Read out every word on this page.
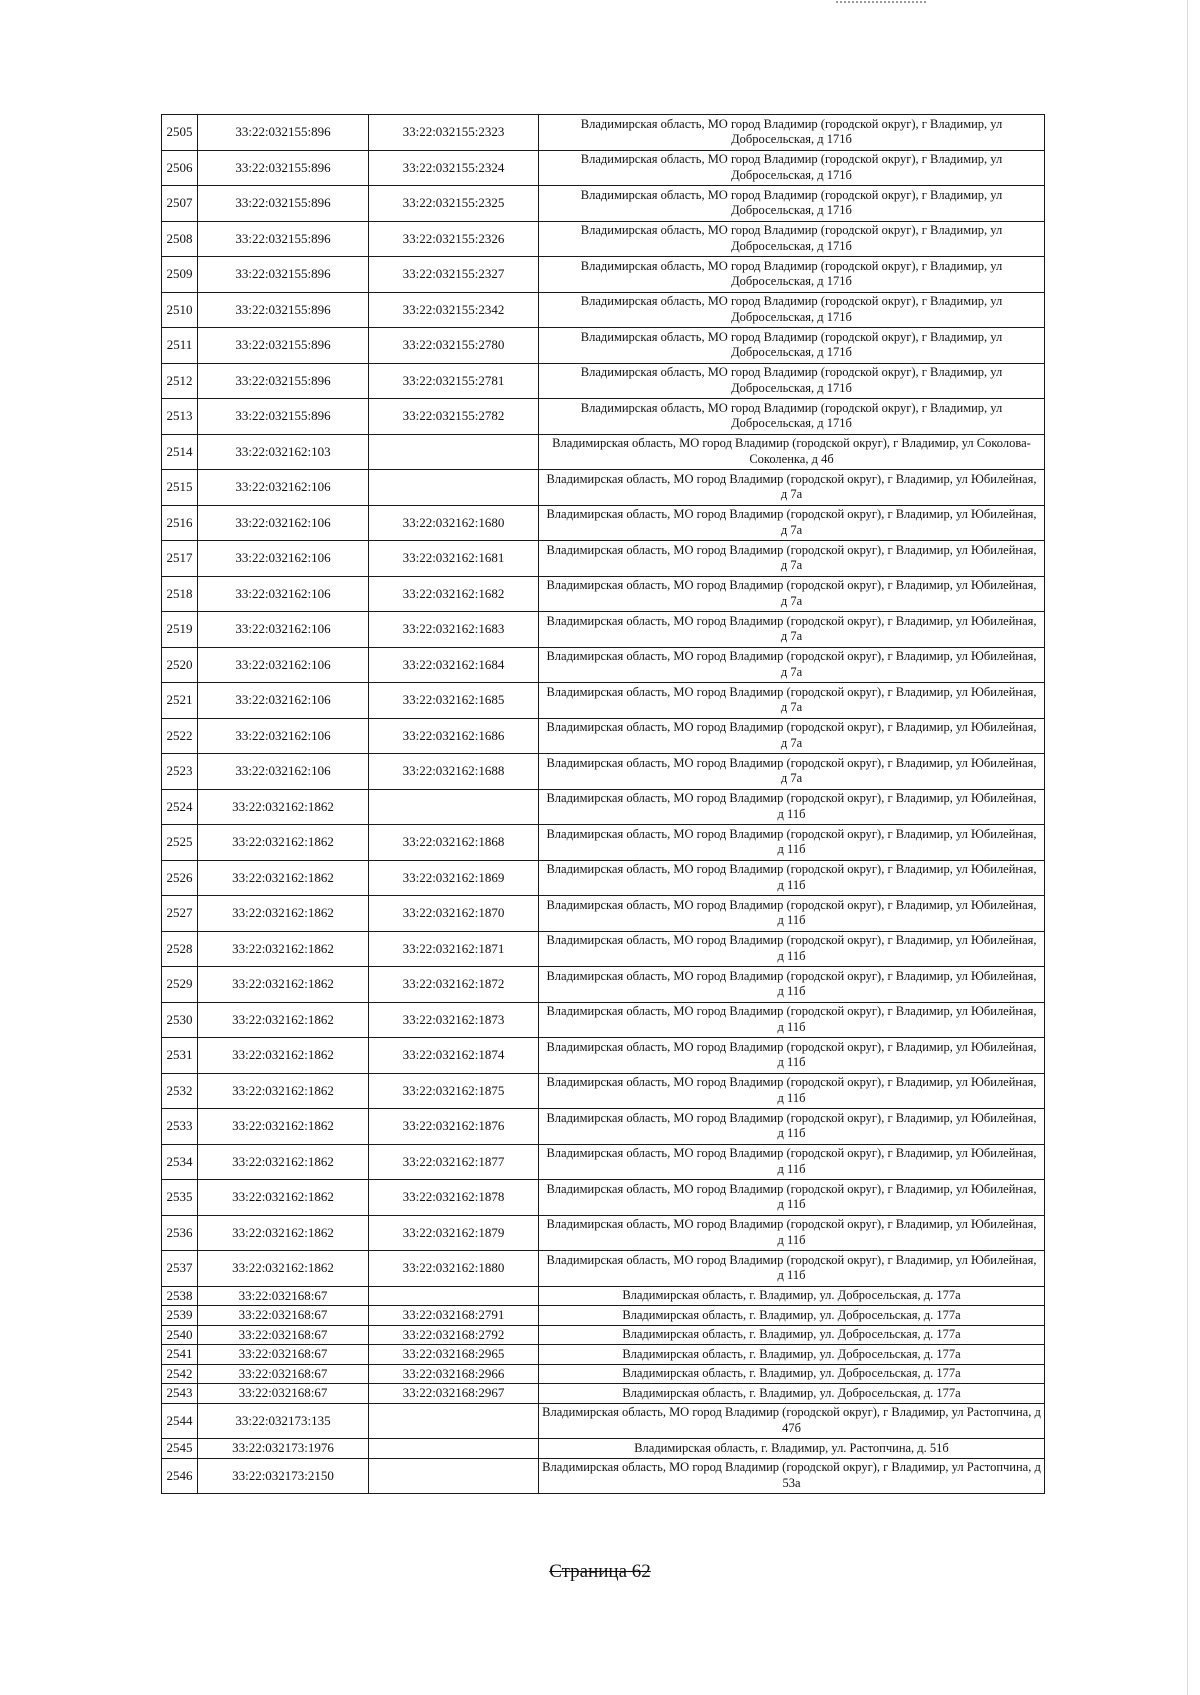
2505	33:22:032155:896	33:22:032155:2323	Владимирская область, МО город Владимир (городской округ), г Владимир, ул Добросельская, д 171б
2506	33:22:032155:896	33:22:032155:2324	Владимирская область, МО город Владимир (городской округ), г Владимир, ул Добросельская, д 171б
2507	33:22:032155:896	33:22:032155:2325	Владимирская область, МО город Владимир (городской округ), г Владимир, ул Добросельская, д 171б
2508	33:22:032155:896	33:22:032155:2326	Владимирская область, МО город Владимир (городской округ), г Владимир, ул Добросельская, д 171б
2509	33:22:032155:896	33:22:032155:2327	Владимирская область, МО город Владимир (городской округ), г Владимир, ул Добросельская, д 171б
2510	33:22:032155:896	33:22:032155:2342	Владимирская область, МО город Владимир (городской округ), г Владимир, ул Добросельская, д 171б
2511	33:22:032155:896	33:22:032155:2780	Владимирская область, МО город Владимир (городской округ), г Владимир, ул Добросельская, д 171б
2512	33:22:032155:896	33:22:032155:2781	Владимирская область, МО город Владимир (городской округ), г Владимир, ул Добросельская, д 171б
2513	33:22:032155:896	33:22:032155:2782	Владимирская область, МО город Владимир (городской округ), г Владимир, ул Добросельская, д 171б
2514	33:22:032162:103		Владимирская область, МО город Владимир (городской округ), г Владимир, ул Соколова-Соколенка, д 4б
2515	33:22:032162:106		Владимирская область, МО город Владимир (городской округ), г Владимир, ул Юбилейная, д 7а
2516	33:22:032162:106	33:22:032162:1680	Владимирская область, МО город Владимир (городской округ), г Владимир, ул Юбилейная, д 7а
2517	33:22:032162:106	33:22:032162:1681	Владимирская область, МО город Владимир (городской округ), г Владимир, ул Юбилейная, д 7а
2518	33:22:032162:106	33:22:032162:1682	Владимирская область, МО город Владимир (городской округ), г Владимир, ул Юбилейная, д 7а
2519	33:22:032162:106	33:22:032162:1683	Владимирская область, МО город Владимир (городской округ), г Владимир, ул Юбилейная, д 7а
2520	33:22:032162:106	33:22:032162:1684	Владимирская область, МО город Владимир (городской округ), г Владимир, ул Юбилейная, д 7а
2521	33:22:032162:106	33:22:032162:1685	Владимирская область, МО город Владимир (городской округ), г Владимир, ул Юбилейная, д 7а
2522	33:22:032162:106	33:22:032162:1686	Владимирская область, МО город Владимир (городской округ), г Владимир, ул Юбилейная, д 7а
2523	33:22:032162:106	33:22:032162:1688	Владимирская область, МО город Владимир (городской округ), г Владимир, ул Юбилейная, д 7а
2524	33:22:032162:1862		Владимирская область, МО город Владимир (городской округ), г Владимир, ул Юбилейная, д 11б
2525	33:22:032162:1862	33:22:032162:1868	Владимирская область, МО город Владимир (городской округ), г Владимир, ул Юбилейная, д 11б
2526	33:22:032162:1862	33:22:032162:1869	Владимирская область, МО город Владимир (городской округ), г Владимир, ул Юбилейная, д 11б
2527	33:22:032162:1862	33:22:032162:1870	Владимирская область, МО город Владимир (городской округ), г Владимир, ул Юбилейная, д 11б
2528	33:22:032162:1862	33:22:032162:1871	Владимирская область, МО город Владимир (городской округ), г Владимир, ул Юбилейная, д 11б
2529	33:22:032162:1862	33:22:032162:1872	Владимирская область, МО город Владимир (городской округ), г Владимир, ул Юбилейная, д 11б
2530	33:22:032162:1862	33:22:032162:1873	Владимирская область, МО город Владимир (городской округ), г Владимир, ул Юбилейная, д 11б
2531	33:22:032162:1862	33:22:032162:1874	Владимирская область, МО город Владимир (городской округ), г Владимир, ул Юбилейная, д 11б
2532	33:22:032162:1862	33:22:032162:1875	Владимирская область, МО город Владимир (городской округ), г Владимир, ул Юбилейная, д 11б
2533	33:22:032162:1862	33:22:032162:1876	Владимирская область, МО город Владимир (городской округ), г Владимир, ул Юбилейная, д 11б
2534	33:22:032162:1862	33:22:032162:1877	Владимирская область, МО город Владимир (городской округ), г Владимир, ул Юбилейная, д 11б
2535	33:22:032162:1862	33:22:032162:1878	Владимирская область, МО город Владимир (городской округ), г Владимир, ул Юбилейная, д 11б
2536	33:22:032162:1862	33:22:032162:1879	Владимирская область, МО город Владимир (городской округ), г Владимир, ул Юбилейная, д 11б
2537	33:22:032162:1862	33:22:032162:1880	Владимирская область, МО город Владимир (городской округ), г Владимир, ул Юбилейная, д 11б
2538	33:22:032168:67		Владимирская область, г. Владимир, ул. Добросельская, д. 177а
2539	33:22:032168:67	33:22:032168:2791	Владимирская область, г. Владимир, ул. Добросельская, д. 177а
2540	33:22:032168:67	33:22:032168:2792	Владимирская область, г. Владимир, ул. Добросельская, д. 177а
2541	33:22:032168:67	33:22:032168:2965	Владимирская область, г. Владимир, ул. Добросельская, д. 177а
2542	33:22:032168:67	33:22:032168:2966	Владимирская область, г. Владимир, ул. Добросельская, д. 177а
2543	33:22:032168:67	33:22:032168:2967	Владимирская область, г. Владимир, ул. Добросельская, д. 177а
2544	33:22:032173:135		Владимирская область, МО город Владимир (городской округ), г Владимир, ул Растопчина, д 47б
2545	33:22:032173:1976		Владимирская область, г. Владимир, ул. Растопчина, д. 51б
2546	33:22:032173:2150		Владимирская область, МО город Владимир (городской округ), г Владимир, ул Растопчина, д 53а
Страница 62
